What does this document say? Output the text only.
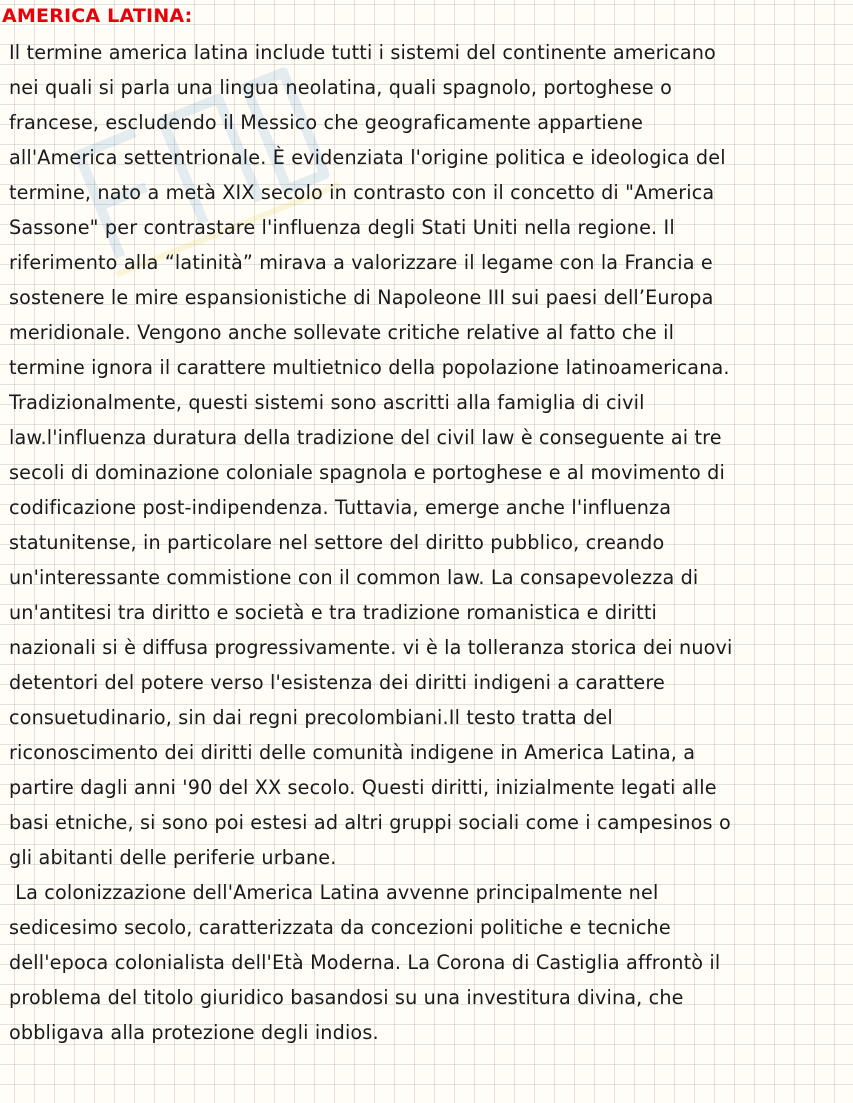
AMERICA LATINA:
Il termine america latina include tutti i sistemi del continente americano
nei quali si parla una lingua neolatina, quali spagnolo, portoghese o
francese, escludendo il Messico che geograficamente appartiene
all'America settentrionale. È evidenziata l'origine politica e ideologica del
termine, nato a metà XIX secolo in contrasto con il concetto di "America
Sassone" per contrastare l'influenza degli Stati Uniti nella regione. Il
riferimento alla “latinità” mirava a valorizzare il legame con la Francia e
sostenere le mire espansionistiche di Napoleone III sui paesi dell’Europa
meridionale. Vengono anche sollevate critiche relative al fatto che il
termine ignora il carattere multietnico della popolazione latinoamericana.
Tradizionalmente, questi sistemi sono ascritti alla famiglia di civil
law.l'influenza duratura della tradizione del civil law è conseguente ai tre
secoli di dominazione coloniale spagnola e portoghese e al movimento di
codificazione post-indipendenza. Tuttavia, emerge anche l'influenza
statunitense, in particolare nel settore del diritto pubblico, creando
un'interessante commistione con il common law. La consapevolezza di
un'antitesi tra diritto e società e tra tradizione romanistica e diritti
nazionali si è diffusa progressivamente. vi è la tolleranza storica dei nuovi
detentori del potere verso l'esistenza dei diritti indigeni a carattere
consuetudinario, sin dai regni precolombiani.Il testo tratta del
riconoscimento dei diritti delle comunità indigene in America Latina, a
partire dagli anni '90 del XX secolo. Questi diritti, inizialmente legati alle
basi etniche, si sono poi estesi ad altri gruppi sociali come i campesinos o
gli abitanti delle periferie urbane.
La colonizzazione dell'America Latina avvenne principalmente nel
sedicesimo secolo, caratterizzata da concezioni politiche e tecniche
dell'epoca colonialista dell'Età Moderna. La Corona di Castiglia affrontò il
problema del titolo giuridico basandosi su una investitura divina, che
obbligava alla protezione degli indios.
